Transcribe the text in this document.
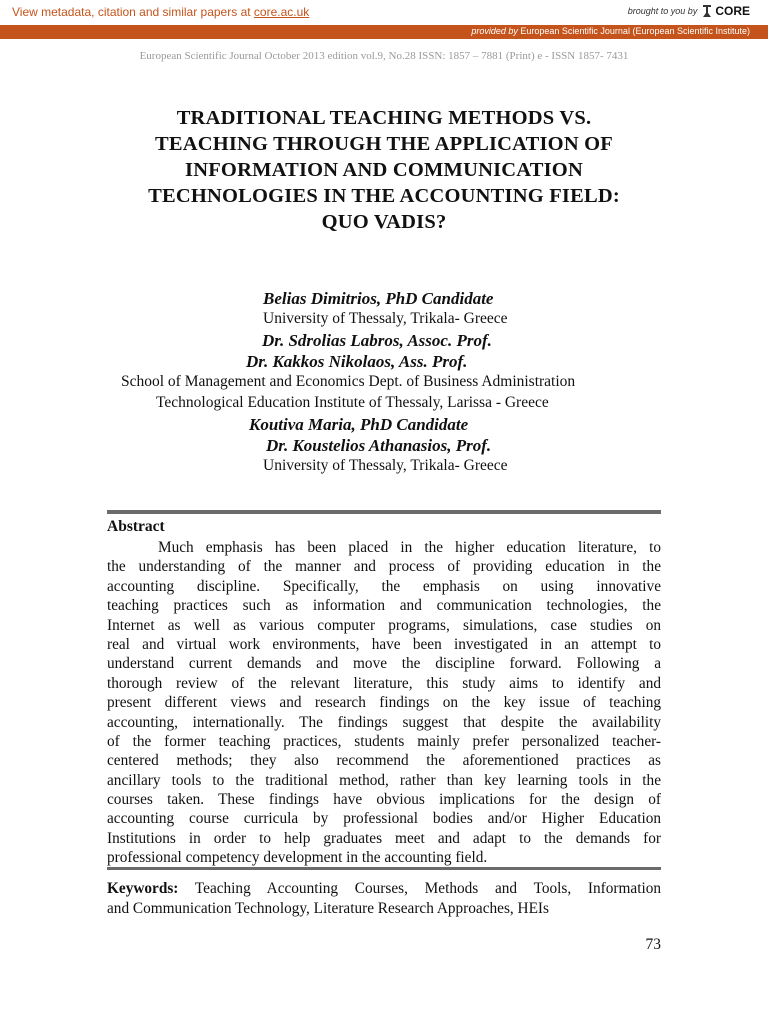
View metadata, citation and similar papers at core.ac.uk	brought to you by CORE
provided by European Scientific Journal (European Scientific Institute)
European Scientific Journal October 2013 edition vol.9, No.28 ISSN: 1857 – 7881 (Print) e - ISSN 1857- 7431
TRADITIONAL TEACHING METHODS VS.
TEACHING THROUGH THE APPLICATION OF
INFORMATION AND COMMUNICATION
TECHNOLOGIES IN THE ACCOUNTING FIELD:
QUO VADIS?
Belias Dimitrios, PhD Candidate
University of Thessaly, Trikala- Greece
Dr. Sdrolias Labros, Assoc. Prof.
Dr. Kakkos Nikolaos, Ass. Prof.
School of Management and Economics Dept. of Business Administration
Technological Education Institute of Thessaly, Larissa - Greece
Koutiva Maria, PhD Candidate
Dr. Koustelios Athanasios, Prof.
University of Thessaly, Trikala- Greece
Abstract
Much emphasis has been placed in the higher education literature, to
the understanding of the manner and process of providing education in the
accounting discipline. Specifically, the emphasis on using innovative
teaching practices such as information and communication technologies, the
Internet as well as various computer programs, simulations, case studies on
real and virtual work environments, have been investigated in an attempt to
understand current demands and move the discipline forward. Following a
thorough review of the relevant literature, this study aims to identify and
present different views and research findings on the key issue of teaching
accounting, internationally. The findings suggest that despite the availability
of the former teaching practices, students mainly prefer personalized teacher-
centered methods; they also recommend the aforementioned practices as
ancillary tools to the traditional method, rather than key learning tools in the
courses taken. These findings have obvious implications for the design of
accounting course curricula by professional bodies and/or Higher Education
Institutions in order to help graduates meet and adapt to the demands for
professional competency development in the accounting field.
Keywords: Teaching Accounting Courses, Methods and Tools, Information
and Communication Technology, Literature Research Approaches, HEIs
73
